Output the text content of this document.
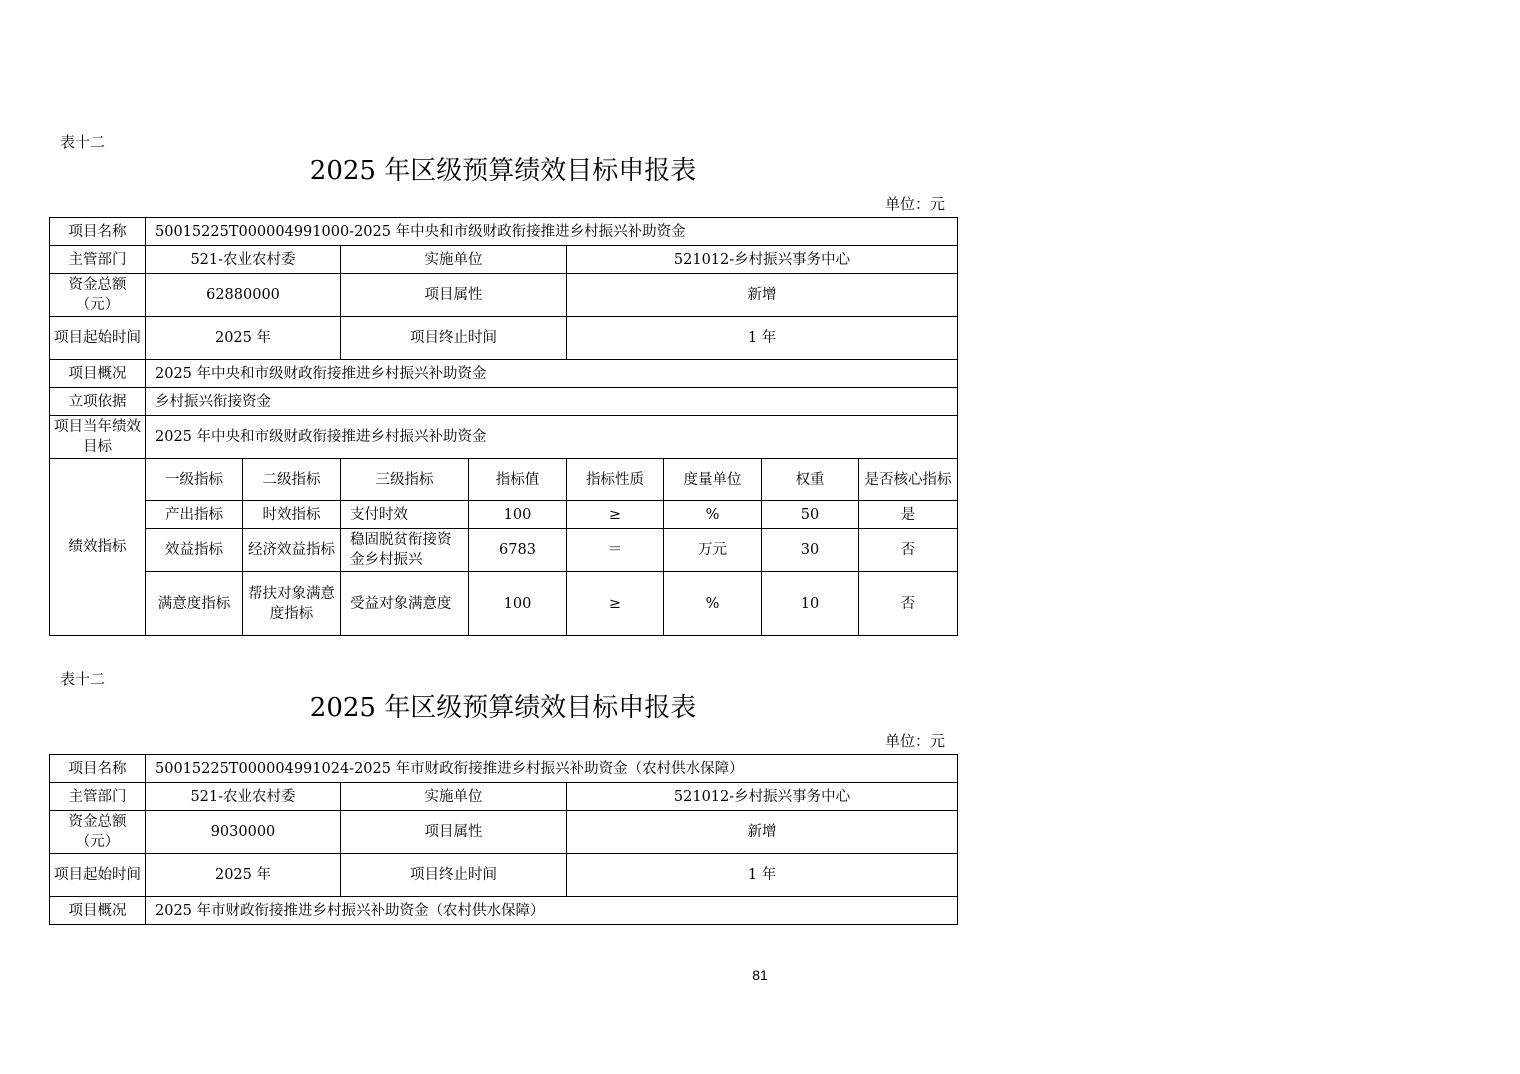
表十二
2025 年区级预算绩效目标申报表
单位：元
项目名称	50015225T000004991000-2025 年中央和市级财政衔接推进乡村振兴补助资金							
主管部门	521-农业农村委		实施单位		521012-乡村振兴事务中心			
资金总额（元）	62880000		项目属性		新增			
项目起始时间	2025 年		项目终止时间		1 年			
项目概况	2025 年中央和市级财政衔接推进乡村振兴补助资金							
立项依据	乡村振兴衔接资金							
项目当年绩效目标	2025 年中央和市级财政衔接推进乡村振兴补助资金							
绩效指标	一级指标	二级指标	三级指标	指标值	指标性质	度量单位	权重	是否核心指标
	产出指标	时效指标	支付时效	100	≥	%	50	是
	效益指标	经济效益指标	稳固脱贫衔接资金乡村振兴	6783	＝	万元	30	否
	满意度指标	帮扶对象满意度指标	受益对象满意度	100	≥	%	10	否
表十二
2025 年区级预算绩效目标申报表
单位：元
项目名称	50015225T000004991024-2025 年市财政衔接推进乡村振兴补助资金（农村供水保障）		
主管部门	521-农业农村委	实施单位	521012-乡村振兴事务中心
资金总额（元）	9030000	项目属性	新增
项目起始时间	2025 年	项目终止时间	1 年
项目概况	2025 年市财政衔接推进乡村振兴补助资金（农村供水保障）		
81
